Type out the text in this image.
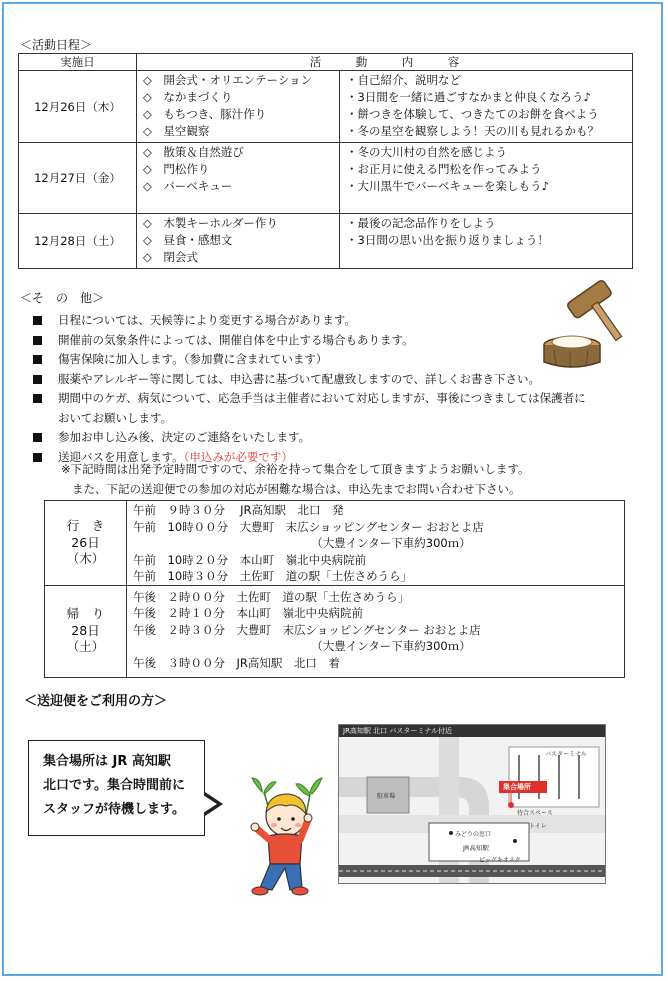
＜活動日程＞
実施日	活　　　動　　　内　　　容	
12月26日（木）	◇　開会式・オリエンテーション
◇　なかまづくり
◇　もちつき、豚汁作り
◇　星空観察	・自己紹介、説明など
・3日間を一緒に過ごすなかまと仲良くなろう♪
・餅つきを体験して、つきたてのお餅を食べよう
・冬の星空を観察しよう！天の川も見れるかも？

12月27日（金）	◇　散策＆自然遊び
◇　門松作り
◇　バーベキュー	・冬の大川村の自然を感じよう
・お正月に使える門松を作ってみよう
・大川黒牛でバーベキューを楽しもう♪

12月28日（土）	◇　木製キーホルダー作り
◇　昼食・感想文
◇　閉会式	・最後の記念品作りをしよう
・3日間の思い出を振り返りましょう！
＜そ　の　他＞
日程については、天候等により変更する場合があります。
開催前の気象条件によっては、開催自体を中止する場合もあります。
傷害保険に加入します。（参加費に含まれています）
服薬やアレルギー等に関しては、申込書に基づいて配慮致しますので、詳しくお書き下さい。
期間中のケガ、病気について、応急手当は主催者において対応しますが、事後につきましては保護者に
おいてお願いします。
参加お申し込み後、決定のご連絡をいたします。
送迎バスを用意します。（申込みが必要です）
※下記時間は出発予定時間ですので、余裕を持って集合をして頂きますようお願いします。
また、下記の送迎便での参加の対応が困難な場合は、申込先までお問い合わせ下さい。
行　き
26日
（木）	午前　９時３０分　 JR高知駅　北口　発
午前　10時００分　大豊町　末広ショッピングセンター おおとよ店
　　　　　　　　　　　　　　　　（大豊インター下車約300ｍ）
午前　10時２０分　本山町　嶺北中央病院前
午前　10時３０分　土佐町　道の駅「土佐さめうら」

帰　り
28日
（土）	午後　２時００分　土佐町　道の駅「土佐さめうら」
午後　２時１０分　本山町　嶺北中央病院前
午後　２時３０分　大豊町　末広ショッピングセンター おおとよ店
　　　　　　　　　　　　　　　　（大豊インター下車約300ｍ）
午後　３時００分　JR高知駅　北口　着
＜送迎便をご利用の方＞
集合場所は JR 高知駅
北口です。集合時間前に
スタッフが待機します。
JR高知駅 北口 バスターミナル付近
バスターミナル
集合場所
駐車場
待合スペース
トイレ
みどりの窓口
JR高知駅
ピッグキオスク
